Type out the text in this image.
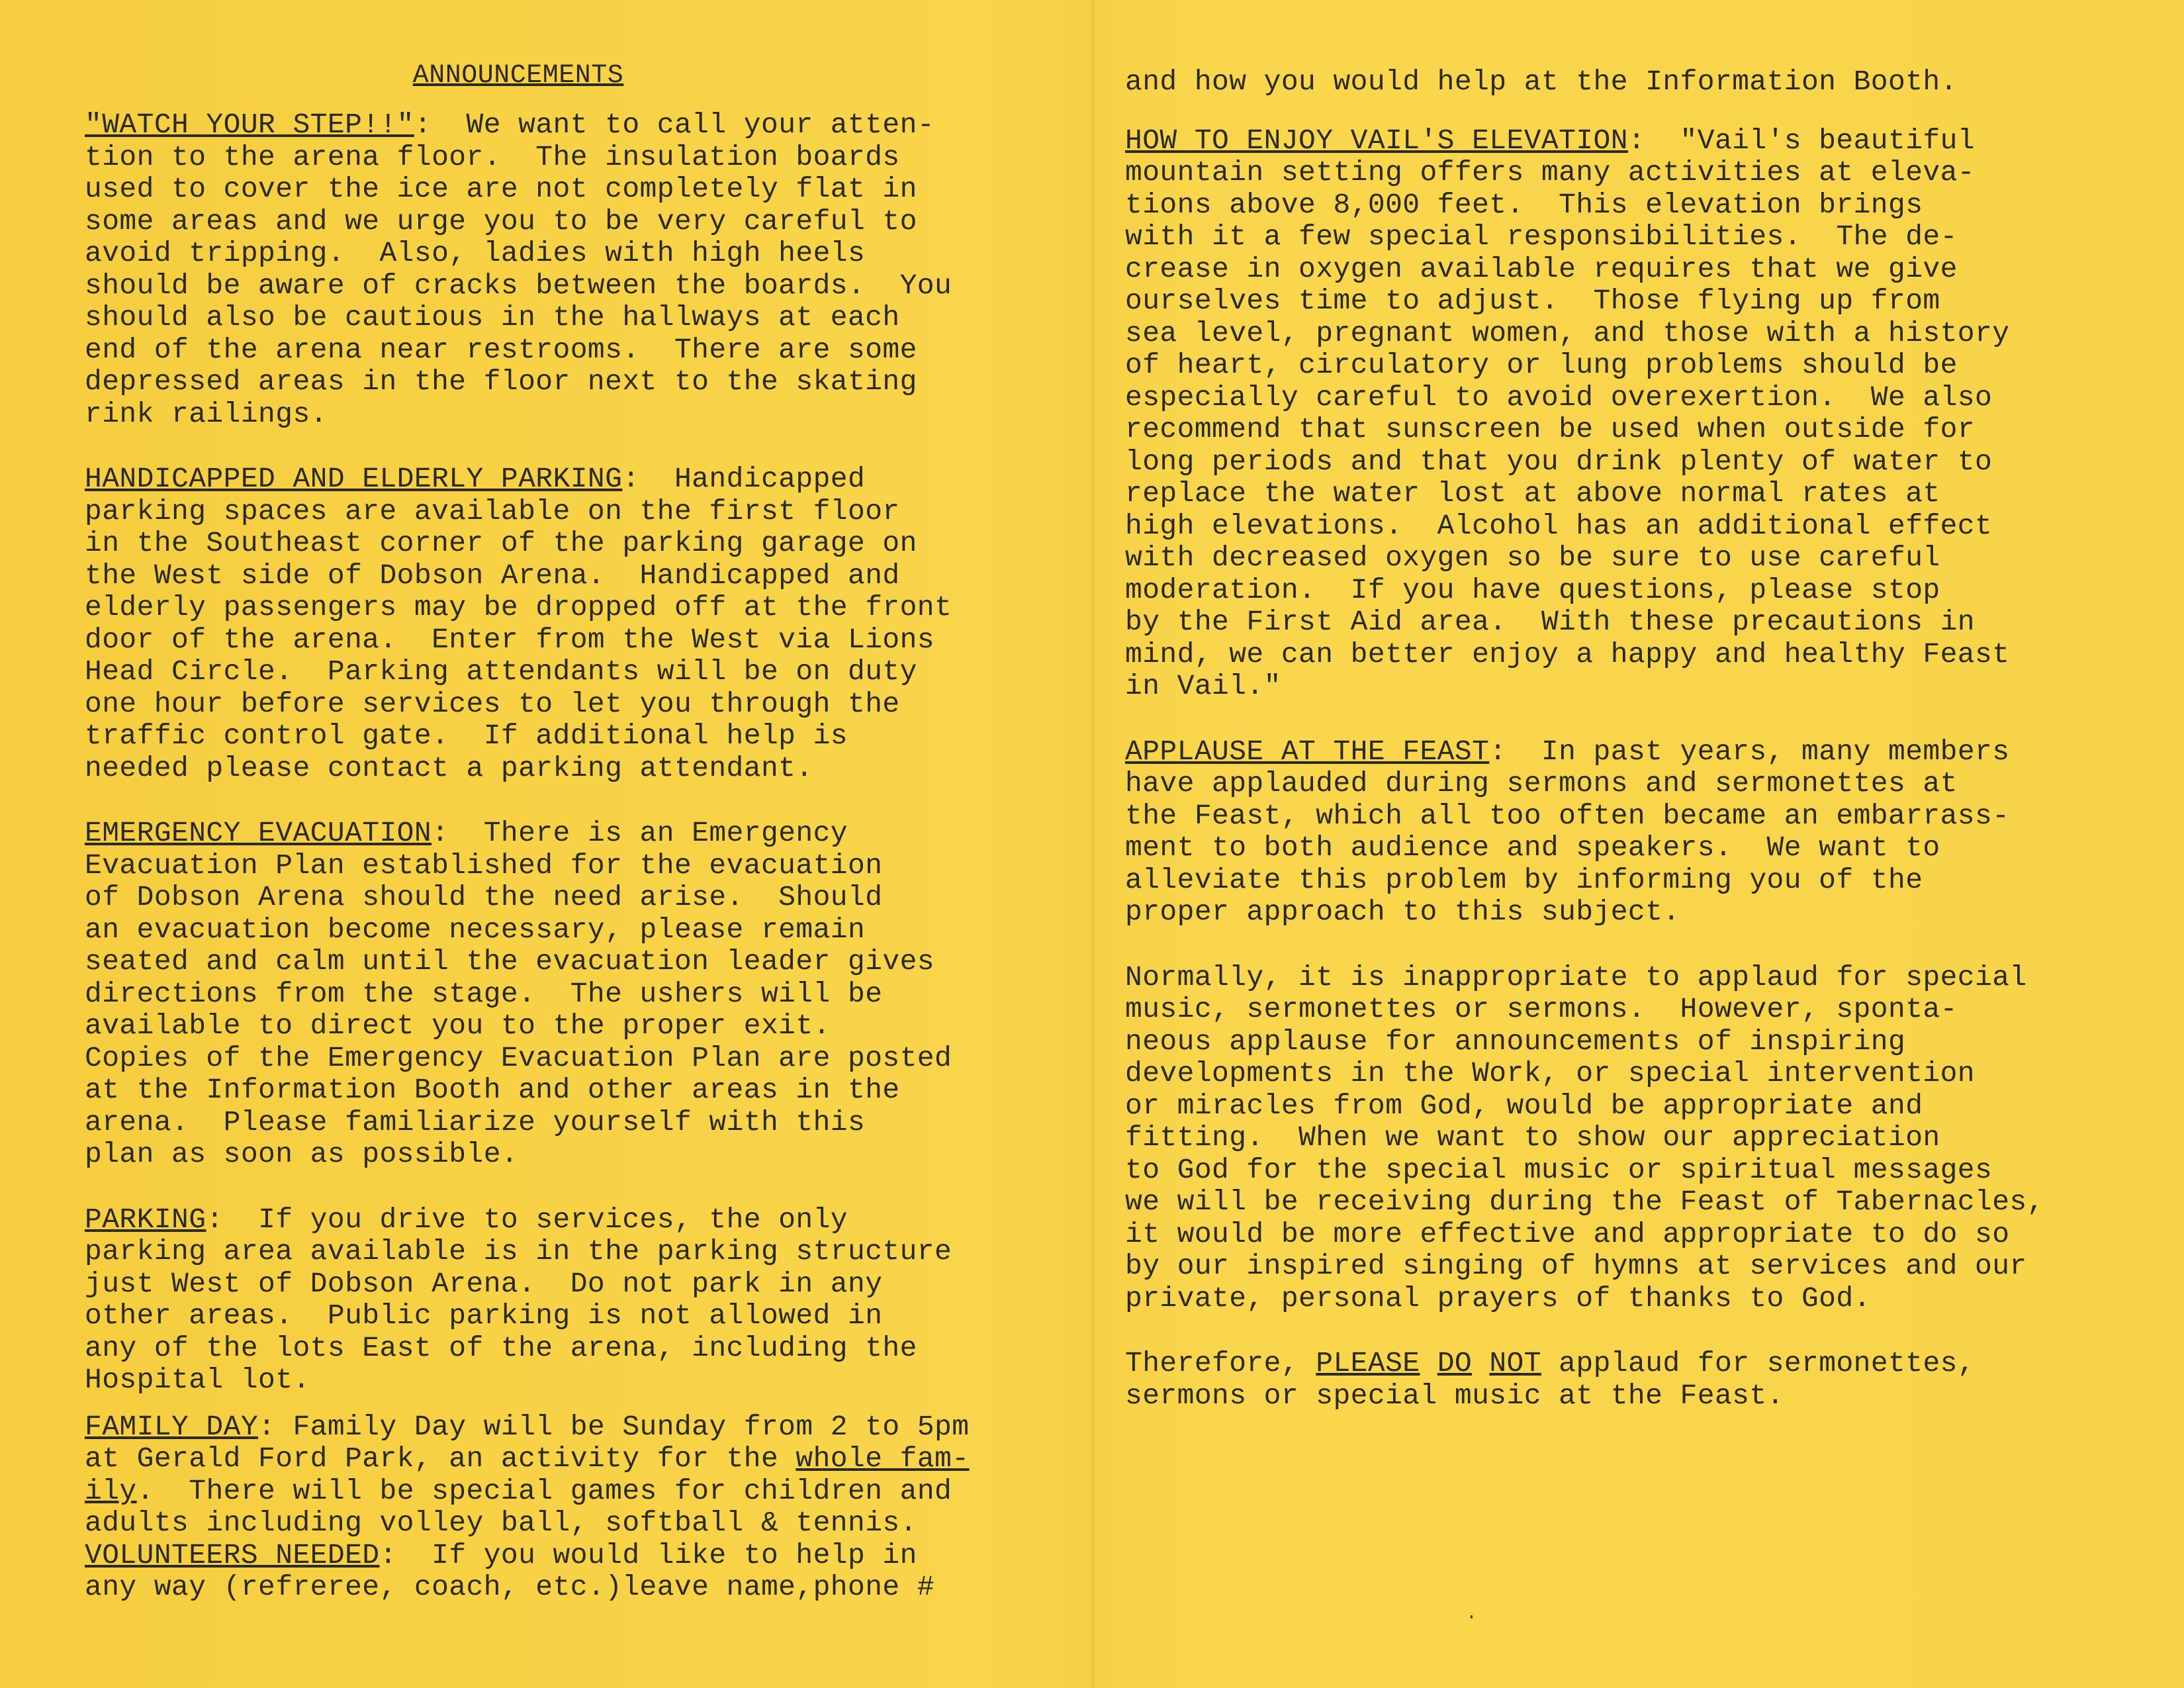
ANNOUNCEMENTS
"WATCH YOUR STEP!!":  We want to call your atten-
tion to the arena floor.  The insulation boards
used to cover the ice are not completely flat in
some areas and we urge you to be very careful to
avoid tripping.  Also, ladies with high heels
should be aware of cracks between the boards.  You
should also be cautious in the hallways at each
end of the arena near restrooms.  There are some
depressed areas in the floor next to the skating
rink railings.
HANDICAPPED AND ELDERLY PARKING:  Handicapped
parking spaces are available on the first floor
in the Southeast corner of the parking garage on
the West side of Dobson Arena.  Handicapped and
elderly passengers may be dropped off at the front
door of the arena.  Enter from the West via Lions
Head Circle.  Parking attendants will be on duty
one hour before services to let you through the
traffic control gate.  If additional help is
needed please contact a parking attendant.
EMERGENCY EVACUATION:  There is an Emergency
Evacuation Plan established for the evacuation
of Dobson Arena should the need arise.  Should
an evacuation become necessary, please remain
seated and calm until the evacuation leader gives
directions from the stage.  The ushers will be
available to direct you to the proper exit.
Copies of the Emergency Evacuation Plan are posted
at the Information Booth and other areas in the
arena.  Please familiarize yourself with this
plan as soon as possible.
PARKING:  If you drive to services, the only
parking area available is in the parking structure
just West of Dobson Arena.  Do not park in any
other areas.  Public parking is not allowed in
any of the lots East of the arena, including the
Hospital lot.
FAMILY DAY: Family Day will be Sunday from 2 to 5pm
at Gerald Ford Park, an activity for the whole fam-
ily.  There will be special games for children and
adults including volley ball, softball & tennis.
VOLUNTEERS NEEDED:  If you would like to help in
any way (refreree, coach, etc.)leave name,phone #
and how you would help at the Information Booth.
HOW TO ENJOY VAIL'S ELEVATION:  "Vail's beautiful
mountain setting offers many activities at eleva-
tions above 8,000 feet.  This elevation brings
with it a few special responsibilities.  The de-
crease in oxygen available requires that we give
ourselves time to adjust.  Those flying up from
sea level, pregnant women, and those with a history
of heart, circulatory or lung problems should be
especially careful to avoid overexertion.  We also
recommend that sunscreen be used when outside for
long periods and that you drink plenty of water to
replace the water lost at above normal rates at
high elevations.  Alcohol has an additional effect
with decreased oxygen so be sure to use careful
moderation.  If you have questions, please stop
by the First Aid area.  With these precautions in
mind, we can better enjoy a happy and healthy Feast
in Vail."
APPLAUSE AT THE FEAST:  In past years, many members
have applauded during sermons and sermonettes at
the Feast, which all too often became an embarrass-
ment to both audience and speakers.  We want to
alleviate this problem by informing you of the
proper approach to this subject.
Normally, it is inappropriate to applaud for special
music, sermonettes or sermons.  However, sponta-
neous applause for announcements of inspiring
developments in the Work, or special intervention
or miracles from God, would be appropriate and
fitting.  When we want to show our appreciation
to God for the special music or spiritual messages
we will be receiving during the Feast of Tabernacles,
it would be more effective and appropriate to do so
by our inspired singing of hymns at services and our
private, personal prayers of thanks to God.
Therefore, PLEASE DO NOT applaud for sermonettes,
sermons or special music at the Feast.
